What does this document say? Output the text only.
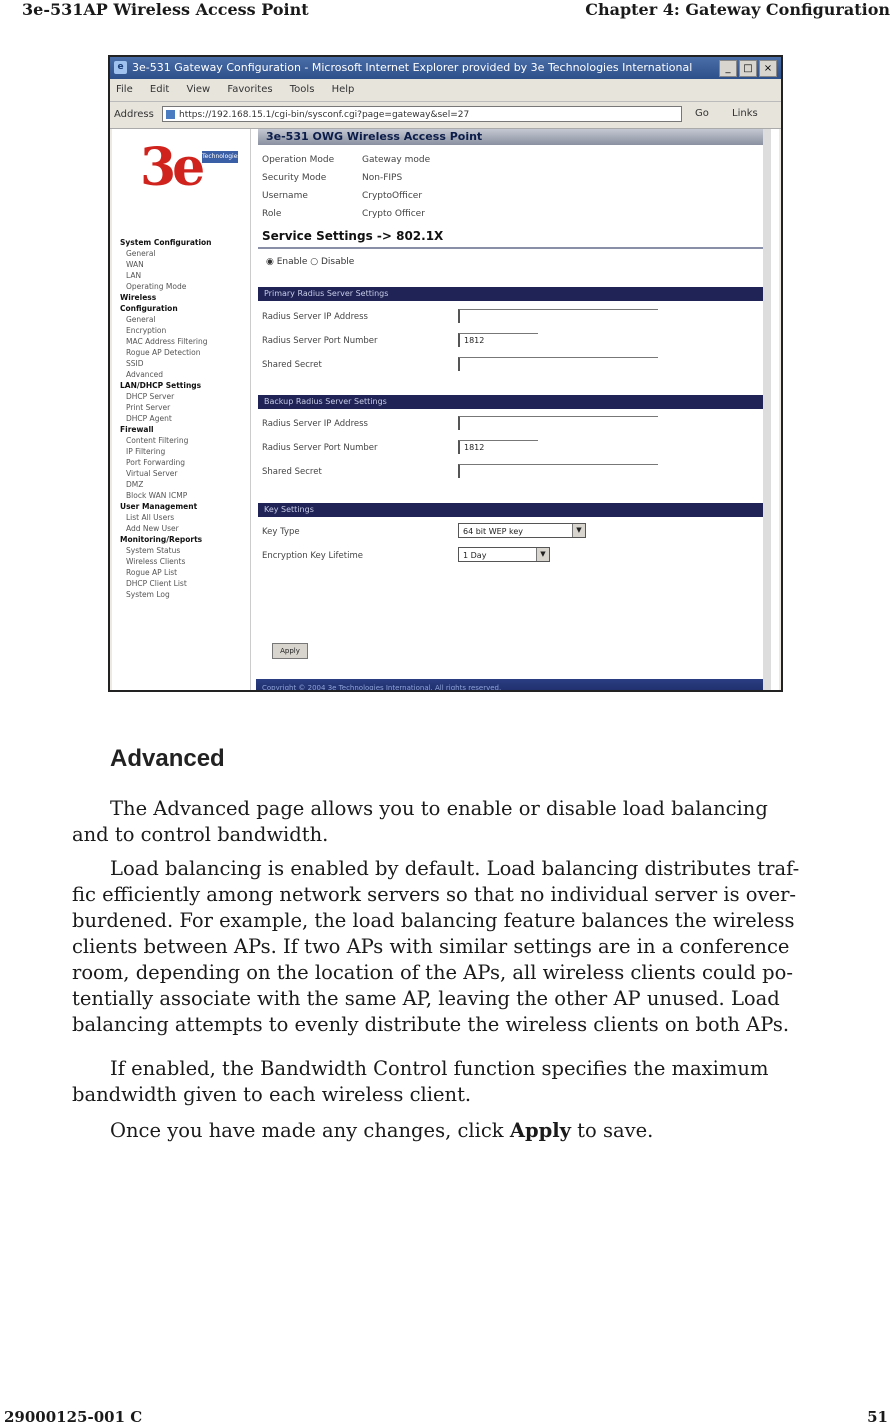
3e-531AP Wireless Access Point	Chapter 4: Gateway Configuration
e 3e-531 Gateway Configuration - Microsoft Internet Explorer provided by 3e Technologies International	_	□	×
File Edit View Favorites Tools Help
Address	https://192.168.15.1/cgi-bin/sysconf.cgi?page=gateway&sel=27	Go Links
3e Technologies
System Configuration
General
WAN
LAN
Operating Mode
Wireless
Configuration
General
Encryption
MAC Address Filtering
Rogue AP Detection
SSID
Advanced
LAN/DHCP Settings
DHCP Server
Print Server
DHCP Agent
Firewall
Content Filtering
IP Filtering
Port Forwarding
Virtual Server
DMZ
Block WAN ICMP
User Management
List All Users
Add New User
Monitoring/Reports
System Status
Wireless Clients
Rogue AP List
DHCP Client List
System Log
3e-531 OWG Wireless Access Point
Operation Mode	Gateway mode
Security Mode	Non-FIPS
Username	CryptoOfficer
Role	Crypto Officer
Service Settings -> 802.1X
◉ Enable ○ Disable
Primary Radius Server Settings
Radius Server IP Address
Radius Server Port Number	1812
Shared Secret
Backup Radius Server Settings
Radius Server IP Address
Radius Server Port Number	1812
Shared Secret
Key Settings
Key Type	64 bit WEP key	▼
Encryption Key Lifetime	1 Day	▼
Apply
Copyright © 2004 3e Technologies International. All rights reserved.
Advanced

The Advanced page allows you to enable or disable load balancing
and to control bandwidth.

Load balancing is enabled by default. Load balancing distributes traf-
fic efficiently among network servers so that no individual server is over-
burdened. For example, the load balancing feature balances the wireless
clients between APs. If two APs with similar settings are in a conference
room, depending on the location of the APs, all wireless clients could po-
tentially associate with the same AP, leaving the other AP unused. Load
balancing attempts to evenly distribute the wireless clients on both APs.

If enabled, the Bandwidth Control function specifies the maximum
bandwidth given to each wireless client.

Once you have made any changes, click Apply to save.

29000125-001 C	51
